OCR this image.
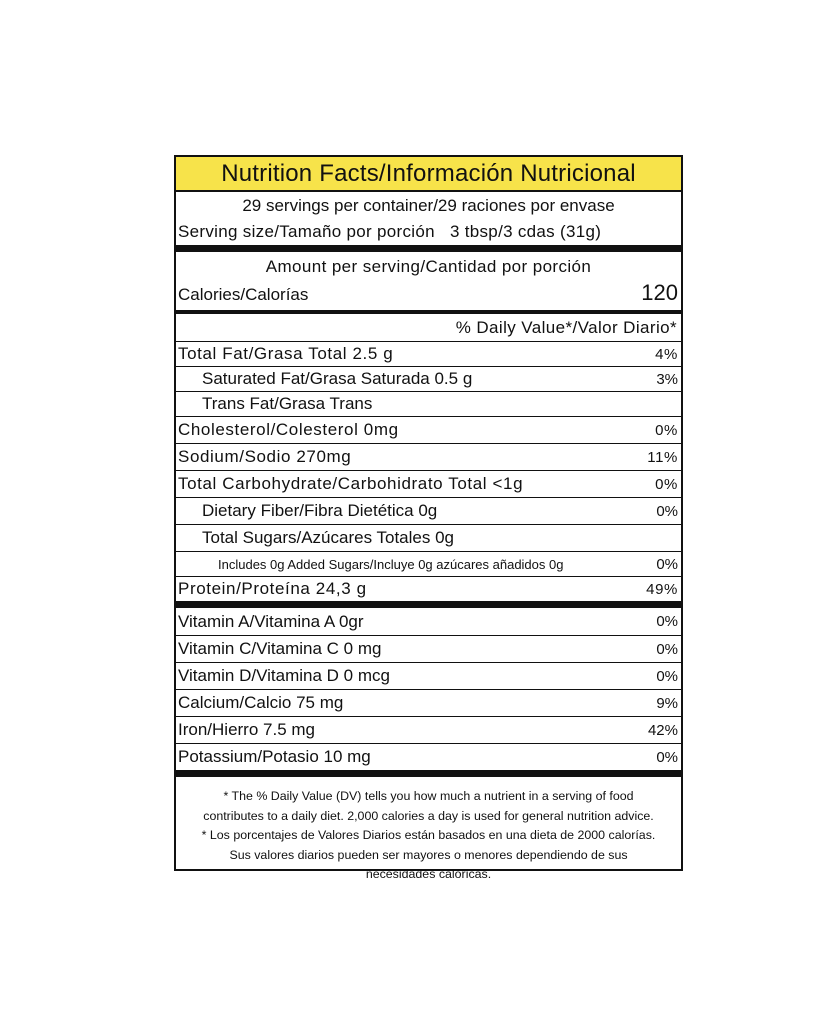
Nutrition Facts/Información Nutricional
29 servings per container/29 raciones por envase
Serving size/Tamaño por porción 3 tbsp/3 cdas (31g)
Amount per serving/Cantidad por porción
Calories/Calorías	120
% Daily Value*/Valor Diario*
Total Fat/Grasa Total 2.5 g	4%
Saturated Fat/Grasa Saturada 0.5 g	3%
Trans Fat/Grasa Trans
Cholesterol/Colesterol 0mg	0%
Sodium/Sodio 270mg	11%
Total Carbohydrate/Carbohidrato Total <1g	0%
Dietary Fiber/Fibra Dietética 0g	0%
Total Sugars/Azúcares Totales 0g
Includes 0g Added Sugars/Incluye 0g azúcares añadidos 0g	0%
Protein/Proteína 24,3 g	49%
Vitamin A/Vitamina A 0gr	0%
Vitamin C/Vitamina C 0 mg	0%
Vitamin D/Vitamina D 0 mcg	0%
Calcium/Calcio 75 mg	9%
Iron/Hierro 7.5 mg	42%
Potassium/Potasio 10 mg	0%
* The % Daily Value (DV) tells you how much a nutrient in a serving of food
contributes to a daily diet. 2,000 calories a day is used for general nutrition advice.
* Los porcentajes de Valores Diarios están basados en una dieta de 2000 calorías.
Sus valores diarios pueden ser mayores o menores dependiendo de sus
necesidades calóricas.
